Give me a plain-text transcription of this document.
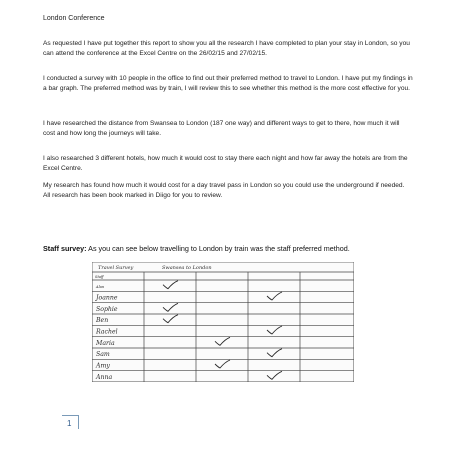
London Conference
As requested I have put together this report to show you all the research I have completed to plan your stay in London, so you can attend the conference at the Excel Centre on the 26/02/15 and 27/02/15.
I conducted a survey with 10 people in the office to find out their preferred method to travel to London. I have put my findings in a bar graph. The preferred method was by train, I will review this to see whether this method is the more cost effective for you.
I have researched the distance from Swansea to London (187 one way) and different ways to get to there, how much it will cost and how long the journeys will take.
I also researched 3 different hotels, how much it would cost to stay there each night and how far away the hotels are from the Excel Centre.
My research has found how much it would cost for a day travel pass in London so you could use the underground if needed. All research has been book marked in Diigo for you to review.
Staff survey: As you can see below travelling to London by train was the staff preferred method.
Travel Survey	Swansea to London
Staff
Alan
Joanne
Sophie
Ben
Rachel
Maria
Sam
Amy
Anna
1
